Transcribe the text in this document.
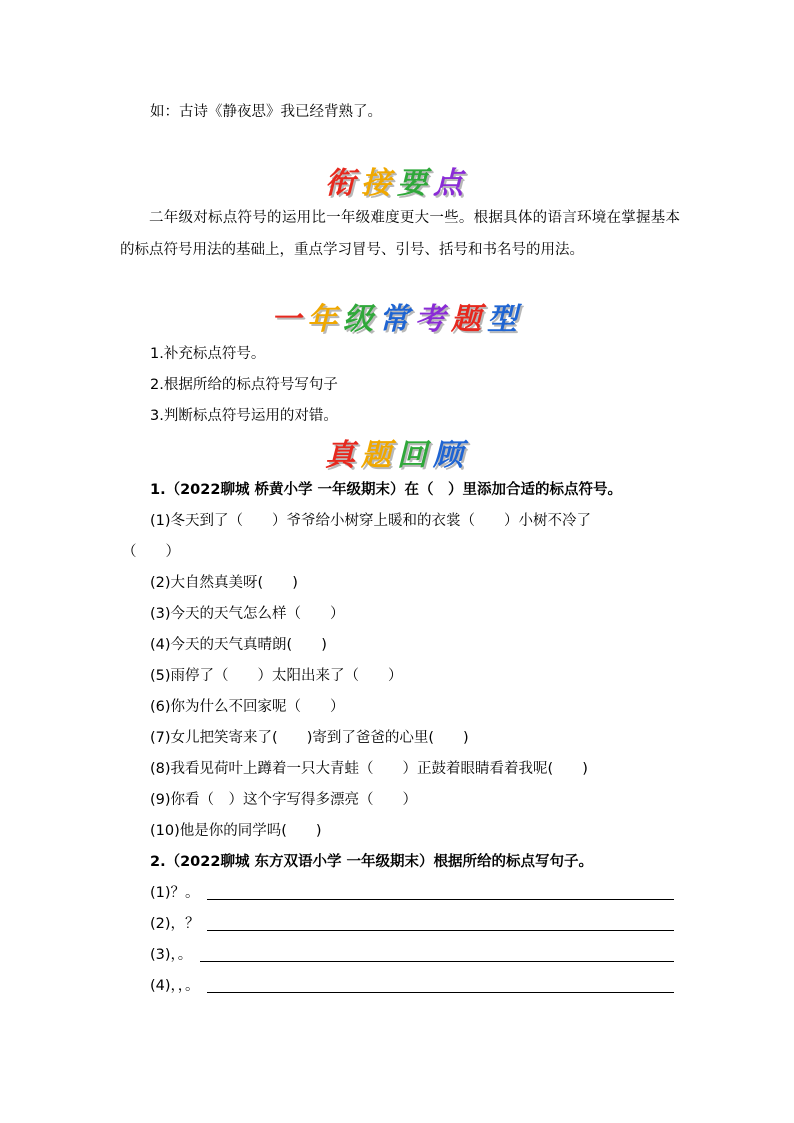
如：古诗《静夜思》我已经背熟了。
衔接要点
二年级对标点符号的运用比一年级难度更大一些。根据具体的语言环境在掌握基本的标点符号用法的基础上，重点学习冒号、引号、括号和书名号的用法。
一年级常考题型
1.补充标点符号。
2.根据所给的标点符号写句子
3.判断标点符号运用的对错。
真题回顾
1.（2022聊城 桥黄小学 一年级期末）在（　）里添加合适的标点符号。
(1)冬天到了（　　）爷爷给小树穿上暖和的衣裳（　　）小树不冷了
（　　）
(2)大自然真美呀(　　)
(3)今天的天气怎么样（　　）
(4)今天的天气真晴朗(　　)
(5)雨停了（　　）太阳出来了（　　）
(6)你为什么不回家呢（　　）
(7)女儿把笑寄来了(　　)寄到了爸爸的心里(　　)
(8)我看见荷叶上蹲着一只大青蛙（　　）正鼓着眼睛看着我呢(　　)
(9)你看（　）这个字写得多漂亮（　　）
(10)他是你的同学吗(　　)
2.（2022聊城 东方双语小学 一年级期末）根据所给的标点写句子。
(1)？。
(2)，？
(3)，。
(4)，，。
